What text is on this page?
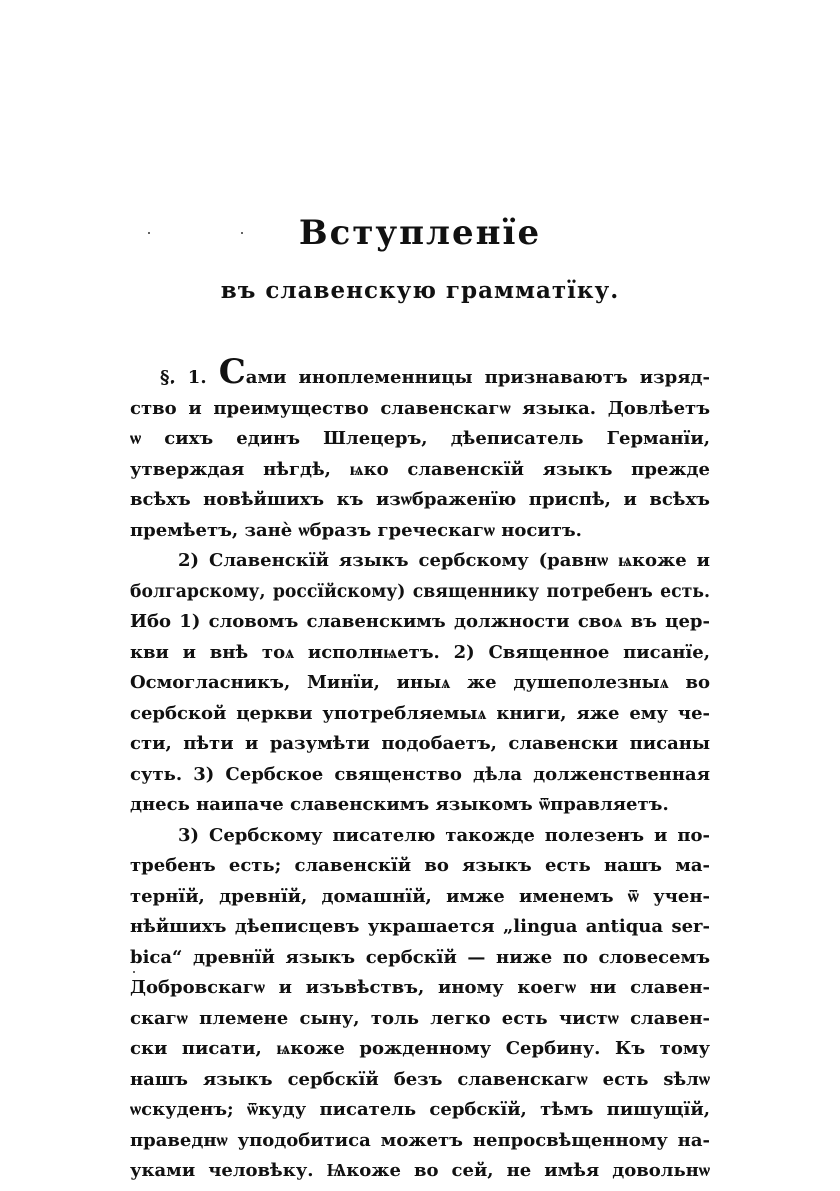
Вступленїе
въ славенскую грамматїку.
§. 1. Сами иноплеменницы признаваютъ изряд-
ство и преимущество славенскагѡ языка. Довлѣетъ
ѡ сихъ единъ Шлецеръ, дѣеписатель Германїи,
утверждая нѣгдѣ, ѩко славенскїй языкъ прежде
всѣхъ новѣйшихъ къ изѡбраженїю приспѣ, и всѣхъ
премѣетъ, занѐ ѡбразъ греческагѡ носитъ.
2) Славенскїй языкъ сербскому (равнѡ ѩкоже и
болгарскому, россїйскому) священнику потребенъ есть.
Ибо 1) словомъ славенскимъ должности своѧ въ цер-
кви и внѣ тоѧ исполнѩетъ. 2) Священное писанїе,
Осмогласникъ, Минїи, иныѧ же душеполезныѧ во
сербской церкви употребляемыѧ книги, яже ему че-
сти, пѣти и разумѣти подобаетъ, славенски писаны
суть. 3) Сербское священство дѣла долженственная
днесь наипаче славенскимъ языкомъ ѿправляетъ.
3) Сербскому писателю такожде полезенъ и по-
требенъ есть; славенскїй во языкъ есть нашъ ма-
тернїй, древнїй, домашнїй, имже именемъ ѿ учен-
нѣйшихъ дѣеписцевъ украшается „lingua antiqua ser-
bica“ древнїй языкъ сербскїй — ниже по словесемъ
Добровскагѡ и изъвѣствъ, иному коегѡ ни славен-
скагѡ племене сыну, толь легко есть чистѡ славен-
ски писати, ѩкоже рожденному Сербину. Къ тому
нашъ языкъ сербскїй безъ славенскагѡ есть ѕѣлѡ
ѡскуденъ; ѿкуду писатель сербскїй, тѣмъ пишущїй,
праведнѡ уподобитиса можетъ непросвѣщенному на-
уками человѣку. Ѩкоже во сей, не имѣя довольнѡ
